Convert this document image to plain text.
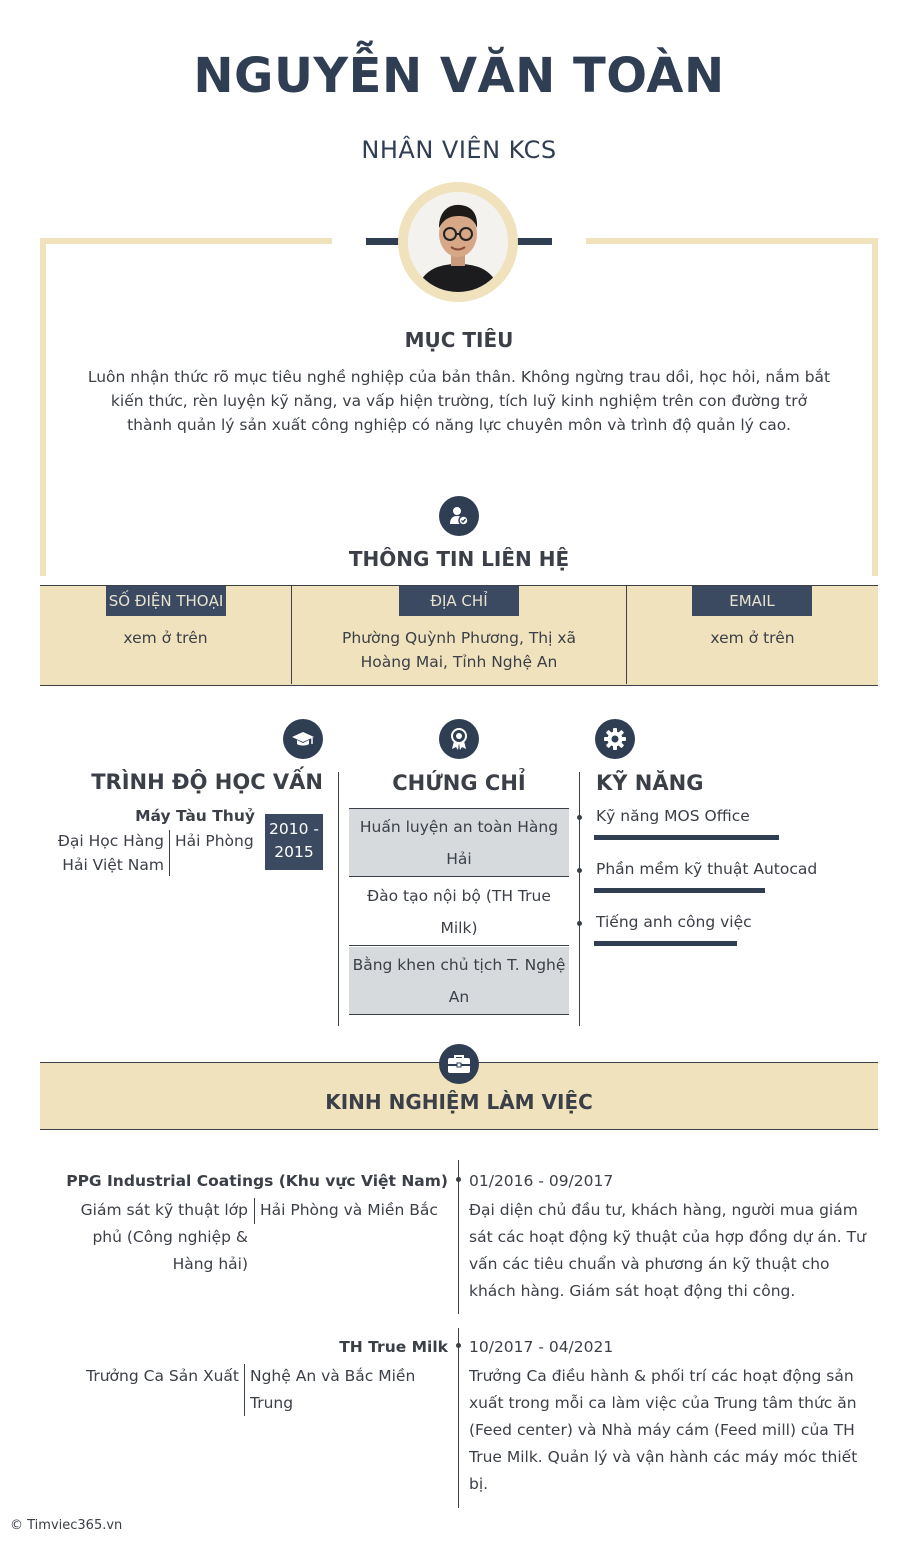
NGUYỄN VĂN TOÀN
NHÂN VIÊN KCS
MỤC TIÊU
Luôn nhận thức rõ mục tiêu nghề nghiệp của bản thân. Không ngừng trau dồi, học hỏi, nắm bắt kiến thức, rèn luyện kỹ năng, va vấp hiện trường, tích luỹ kinh nghiệm trên con đường trở thành quản lý sản xuất công nghiệp có năng lực chuyên môn và trình độ quản lý cao.
THÔNG TIN LIÊN HỆ
SỐ ĐIỆN THOẠI
xem ở trên
ĐỊA CHỈ
Phường Quỳnh Phương, Thị xã Hoàng Mai, Tỉnh Nghệ An
EMAIL
xem ở trên
TRÌNH ĐỘ HỌC VẤN
Máy Tàu Thuỷ
Đại Học Hàng Hải Việt Nam
Hải Phòng
2010 - 2015
CHỨNG CHỈ
Huấn luyện an toàn Hàng Hải
Đào tạo nội bộ (TH True Milk)
Bằng khen chủ tịch T. Nghệ An
KỸ NĂNG
Kỹ năng MOS Office
Phần mềm kỹ thuật Autocad
Tiếng anh công việc
KINH NGHIỆM LÀM VIỆC
PPG Industrial Coatings (Khu vực Việt Nam)
Giám sát kỹ thuật lớp phủ (Công nghiệp & Hàng hải)
Hải Phòng và Miền Bắc
01/2016 - 09/2017
Đại diện chủ đầu tư, khách hàng, người mua giám sát các hoạt động kỹ thuật của hợp đồng dự án. Tư vấn các tiêu chuẩn và phương án kỹ thuật cho khách hàng. Giám sát hoạt động thi công.
TH True Milk
Trưởng Ca Sản Xuất Nghệ An và Bắc Miền Trung
10/2017 - 04/2021
Trưởng Ca điều hành & phối trí các hoạt động sản xuất trong mỗi ca làm việc của Trung tâm thức ăn (Feed center) và Nhà máy cám (Feed mill) của TH True Milk. Quản lý và vận hành các máy móc thiết bị.
© Timviec365.vn
